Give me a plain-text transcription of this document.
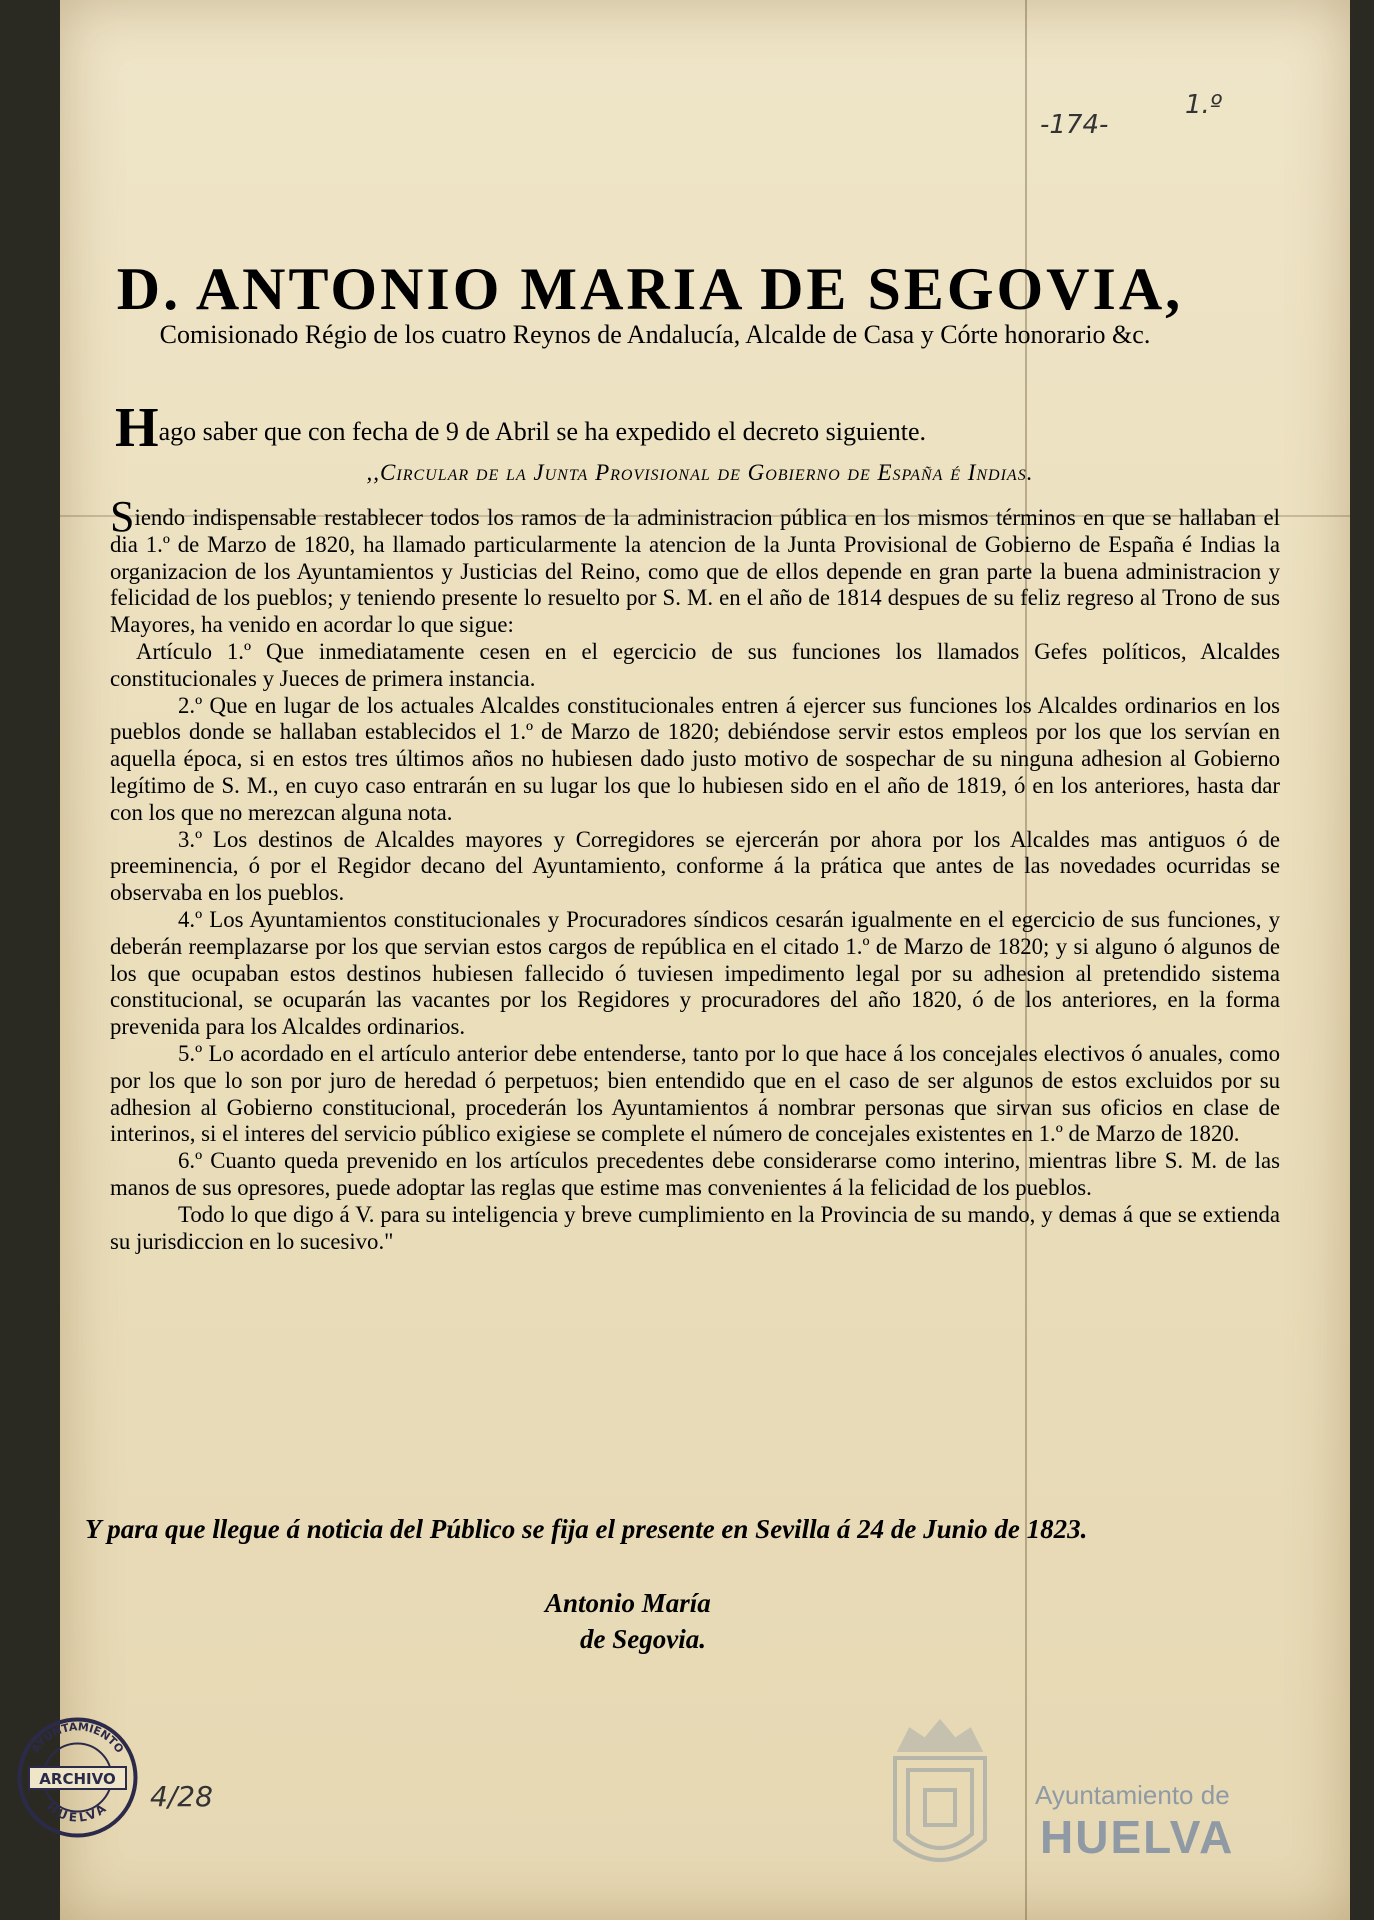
-174-
1.º
D. ANTONIO MARIA DE SEGOVIA,
Comisionado Régio de los cuatro Reynos de Andalucía, Alcalde de Casa y Córte honorario &c.
Hago saber que con fecha de 9 de Abril se ha expedido el decreto siguiente.
,,Circular de la Junta Provisional de Gobierno de España é Indias.

Siendo indispensable restablecer todos los ramos de la administracion pública en los mismos términos en que se hallaban el dia 1.º de Marzo de 1820, ha llamado particularmente la atencion de la Junta Provisional de Gobierno de España é Indias la organizacion de los Ayuntamientos y Justicias del Reino, como que de ellos depende en gran parte la buena administracion y felicidad de los pueblos; y teniendo presente lo resuelto por S. M. en el año de 1814 despues de su feliz regreso al Trono de sus Mayores, ha venido en acordar lo que sigue:

Artículo 1.º Que inmediatamente cesen en el egercicio de sus funciones los llamados Gefes políticos, Alcaldes constitucionales y Jueces de primera instancia.

2.º Que en lugar de los actuales Alcaldes constitucionales entren á ejercer sus funciones los Alcaldes ordinarios en los pueblos donde se hallaban establecidos el 1.º de Marzo de 1820; debiéndose servir estos empleos por los que los servían en aquella época, si en estos tres últimos años no hubiesen dado justo motivo de sospechar de su ninguna adhesion al Gobierno legítimo de S. M., en cuyo caso entrarán en su lugar los que lo hubiesen sido en el año de 1819, ó en los anteriores, hasta dar con los que no merezcan alguna nota.

3.º Los destinos de Alcaldes mayores y Corregidores se ejercerán por ahora por los Alcaldes mas antiguos ó de preeminencia, ó por el Regidor decano del Ayuntamiento, conforme á la prática que antes de las novedades ocurridas se observaba en los pueblos.

4.º Los Ayuntamientos constitucionales y Procuradores síndicos cesarán igualmente en el egercicio de sus funciones, y deberán reemplazarse por los que servian estos cargos de república en el citado 1.º de Marzo de 1820; y si alguno ó algunos de los que ocupaban estos destinos hubiesen fallecido ó tuviesen impedimento legal por su adhesion al pretendido sistema constitucional, se ocuparán las vacantes por los Regidores y procuradores del año 1820, ó de los anteriores, en la forma prevenida para los Alcaldes ordinarios.

5.º Lo acordado en el artículo anterior debe entenderse, tanto por lo que hace á los concejales electivos ó anuales, como por los que lo son por juro de heredad ó perpetuos; bien entendido que en el caso de ser algunos de estos excluidos por su adhesion al Gobierno constitucional, procederán los Ayuntamientos á nombrar personas que sirvan sus oficios en clase de interinos, si el interes del servicio público exigiese se complete el número de concejales existentes en 1.º de Marzo de 1820.

6.º Cuanto queda prevenido en los artículos precedentes debe considerarse como interino, mientras libre S. M. de las manos de sus opresores, puede adoptar las reglas que estime mas convenientes á la felicidad de los pueblos.

Todo lo que digo á V. para su inteligencia y breve cumplimiento en la Provincia de su mando, y demas á que se extienda su jurisdiccion en lo sucesivo."

Y para que llegue á noticia del Público se fija el presente en Sevilla á 24 de Junio de 1823.
Antonio María
de Segovia.
AYUNTAMIENTO
ARCHIVO
HUELVA 4/28	Ayuntamiento de
HUELVA
